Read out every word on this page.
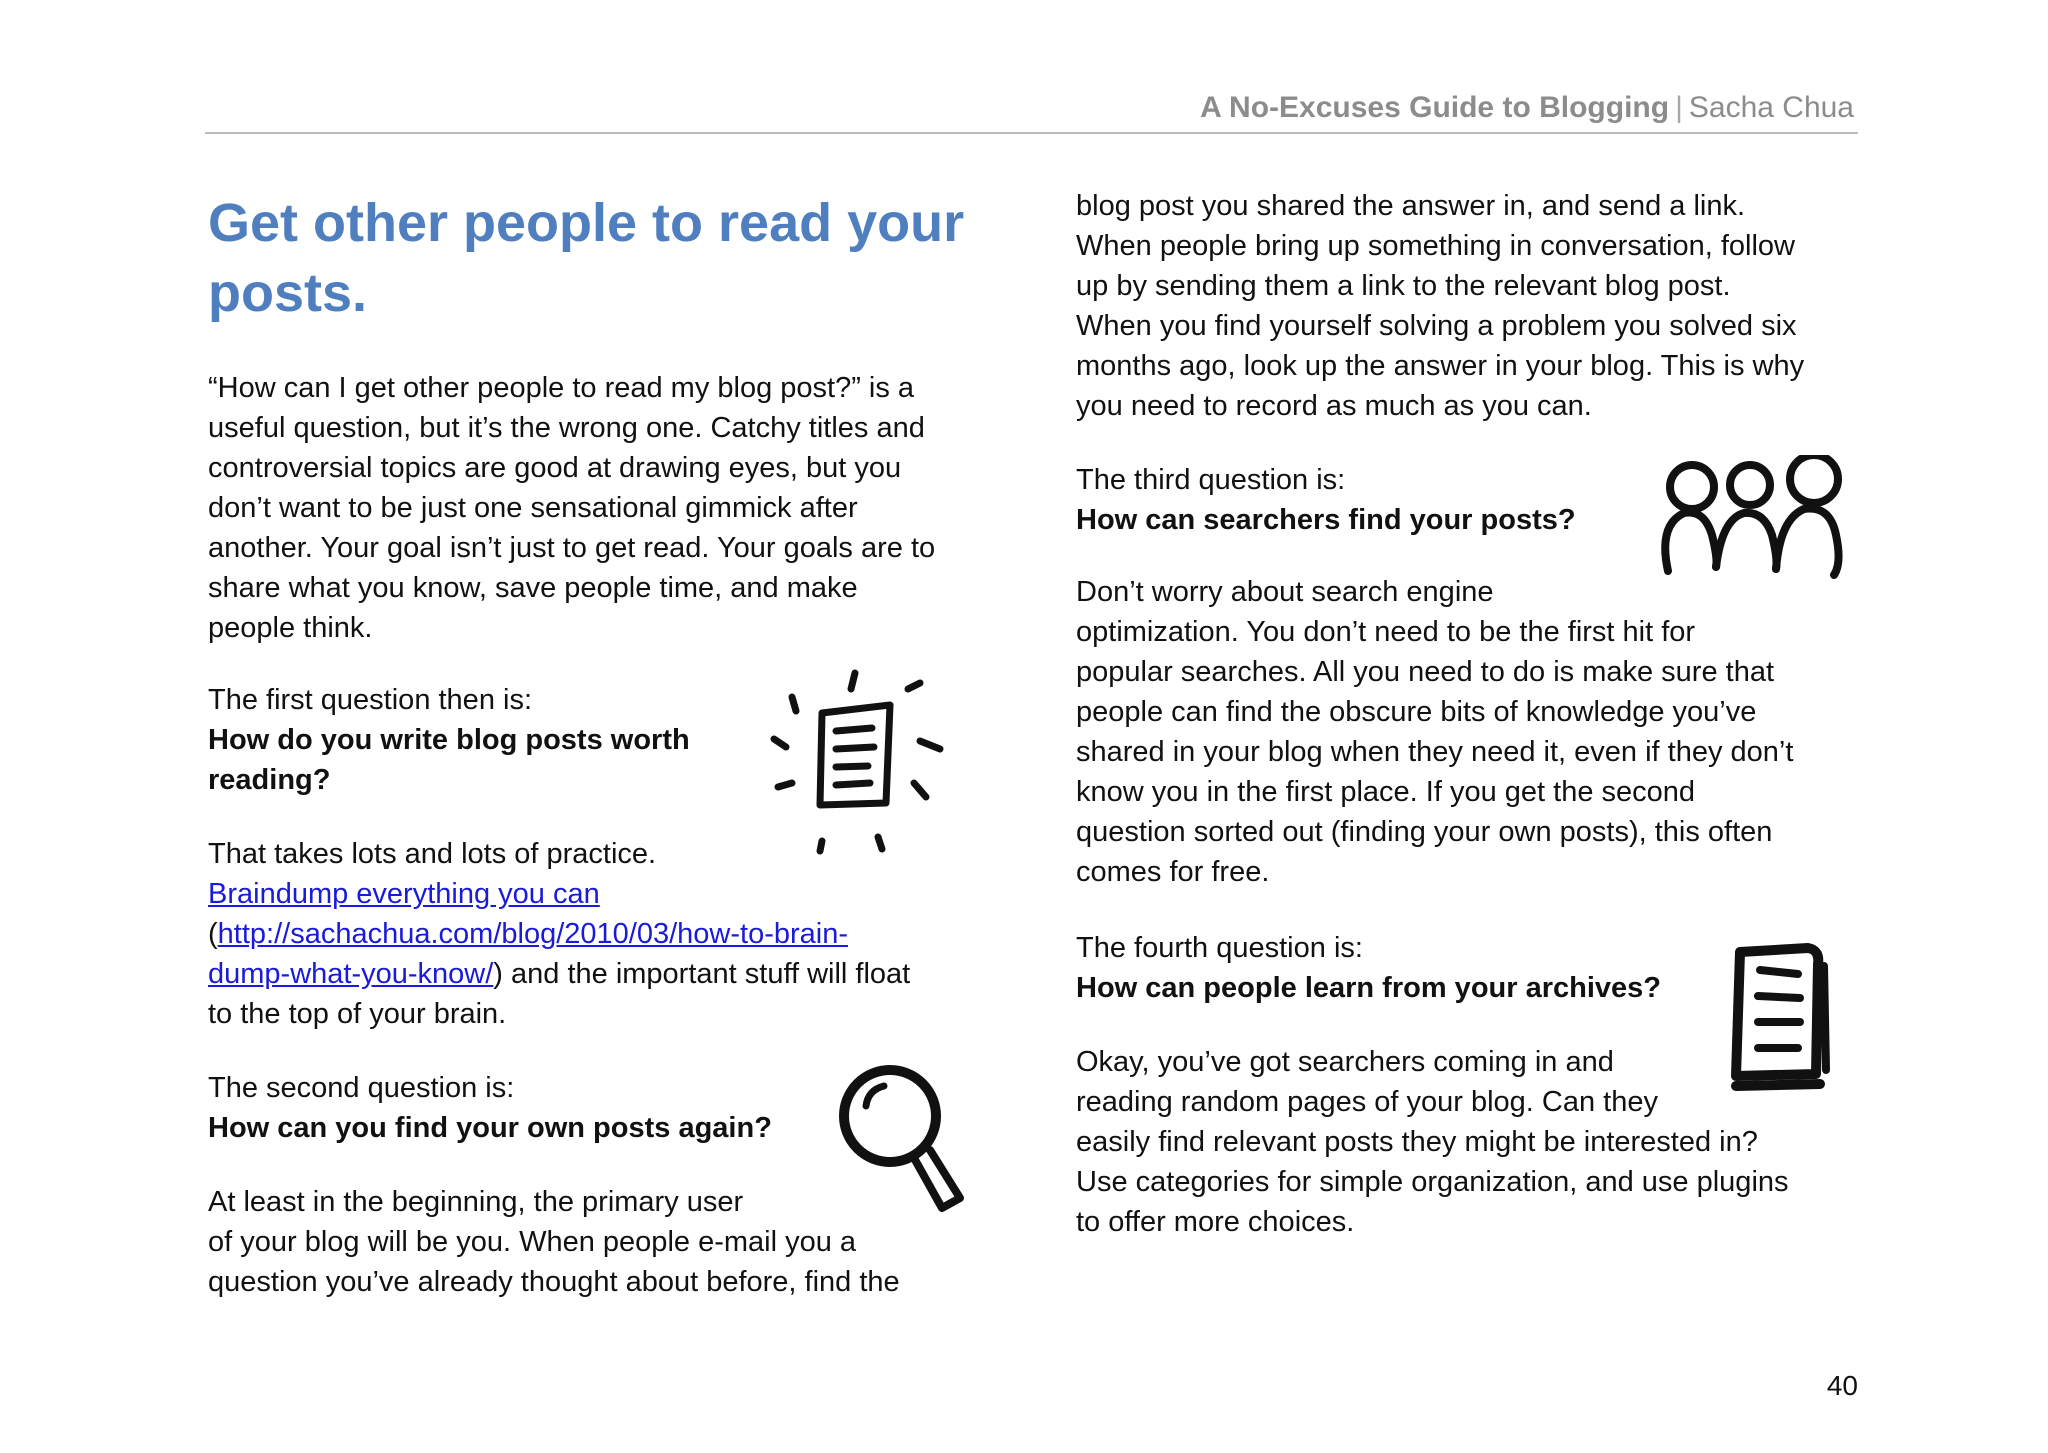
A No-Excuses Guide to Blogging | Sacha Chua
Get other people to read your posts.

“How can I get other people to read my blog post?” is a

useful question, but it’s the wrong one. Catchy titles and

controversial topics are good at drawing eyes, but you

don’t want to be just one sensational gimmick after

another. Your goal isn’t just to get read. Your goals are to

share what you know, save people time, and make

people think.

The first question then is:

How do you write blog posts worth

reading?

That takes lots and lots of practice.

Braindump everything you can

(http://sachachua.com/blog/2010/03/how-to-brain-

dump-what-you-know/) and the important stuff will float

to the top of your brain.

The second question is:

How can you find your own posts again?

At least in the beginning, the primary user

of your blog will be you. When people e-mail you a

question you’ve already thought about before, find the

blog post you shared the answer in, and send a link.

When people bring up something in conversation, follow

up by sending them a link to the relevant blog post.

When you find yourself solving a problem you solved six

months ago, look up the answer in your blog. This is why

you need to record as much as you can.

The third question is:

How can searchers find your posts?

Don’t worry about search engine

optimization. You don’t need to be the first hit for

popular searches. All you need to do is make sure that

people can find the obscure bits of knowledge you’ve

shared in your blog when they need it, even if they don’t

know you in the first place. If you get the second

question sorted out (finding your own posts), this often

comes for free.

The fourth question is:

How can people learn from your archives?

Okay, you’ve got searchers coming in and

reading random pages of your blog. Can they

easily find relevant posts they might be interested in?

Use categories for simple organization, and use plugins

to offer more choices.

40
